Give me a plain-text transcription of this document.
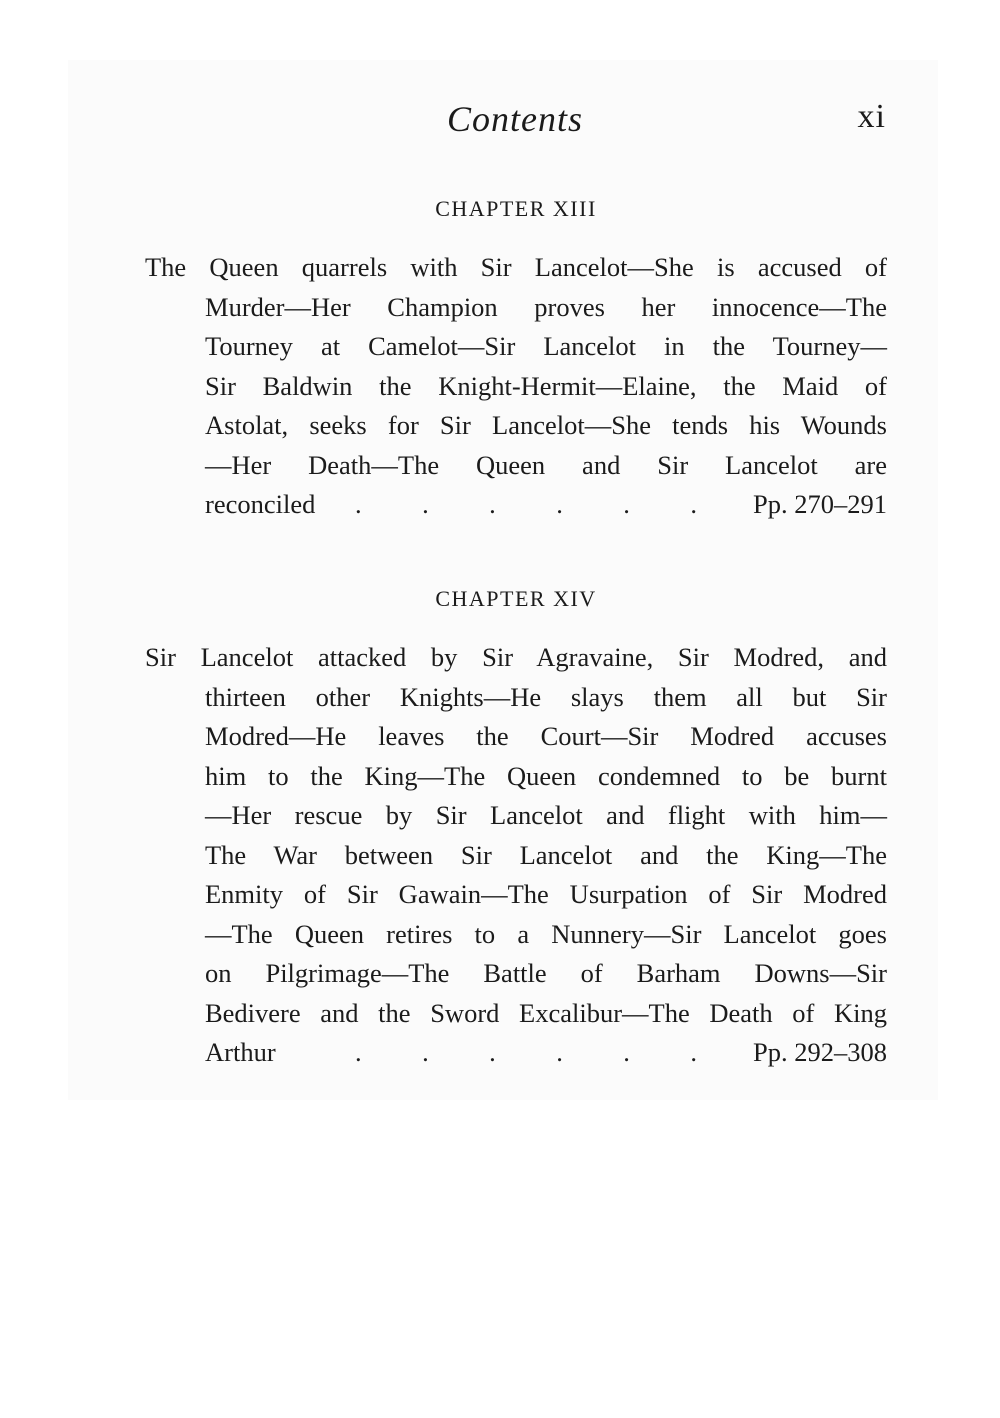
Contents	xi
CHAPTER XIII
The Queen quarrels with Sir Lancelot—She is accused of
Murder—Her Champion proves her innocence—The
Tourney at Camelot—Sir Lancelot in the Tourney—
Sir Baldwin the Knight-Hermit—Elaine, the Maid of
Astolat, seeks for Sir Lancelot—She tends his Wounds
—Her Death—The Queen and Sir Lancelot are
reconciled . . . . . . Pp. 270–291
CHAPTER XIV
Sir Lancelot attacked by Sir Agravaine, Sir Modred, and
thirteen other Knights—He slays them all but Sir
Modred—He leaves the Court—Sir Modred accuses
him to the King—The Queen condemned to be burnt
—Her rescue by Sir Lancelot and flight with him—
The War between Sir Lancelot and the King—The
Enmity of Sir Gawain—The Usurpation of Sir Modred
—The Queen retires to a Nunnery—Sir Lancelot goes
on Pilgrimage—The Battle of Barham Downs—Sir
Bedivere and the Sword Excalibur—The Death of King
Arthur	. . . . . . Pp. 292–308
